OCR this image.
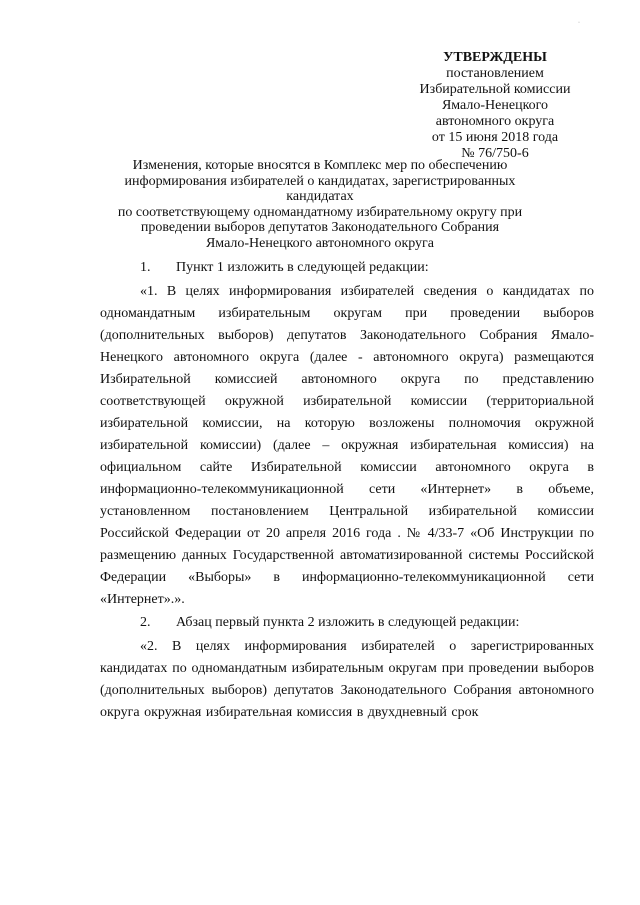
·
УТВЕРЖДЕНЫ
постановлением
Избирательной комиссии
Ямало-Ненецкого
автономного округа
от 15 июня 2018 года
№ 76/750-6
Изменения, которые вносятся в Комплекс мер по обеспечению
информирования избирателей о кандидатах, зарегистрированных кандидатах
по соответствующему одномандатному избирательному округу при
проведении выборов депутатов Законодательного Собрания
Ямало-Ненецкого автономного округа

1. Пункт 1 изложить в следующей редакции:

«1. В целях информирования избирателей сведения о кандидатах по одномандатным избирательным округам при проведении выборов (дополнительных выборов) депутатов Законодательного Собрания Ямало-Ненецкого автономного округа (далее - автономного округа) размещаются Избирательной комиссией автономного округа по представлению соответствующей окружной избирательной комиссии (территориальной избирательной комиссии, на которую возложены полномочия окружной избирательной комиссии) (далее – окружная избирательная комиссия) на официальном сайте Избирательной комиссии автономного округа в информационно-телекоммуникационной сети «Интернет» в объеме, установленном постановлением Центральной избирательной комиссии Российской Федерации от 20 апреля 2016 года . № 4/33-7 «Об Инструкции по размещению данных Государственной автоматизированной системы Российской Федерации «Выборы» в информационно-телекоммуникационной сети «Интернет».».

2. Абзац первый пункта 2 изложить в следующей редакции:

«2. В целях информирования избирателей о зарегистрированных кандидатах по одномандатным избирательным округам при проведении выборов (дополнительных выборов) депутатов Законодательного Собрания автономного округа окружная избирательная комиссия в двухдневный срок
